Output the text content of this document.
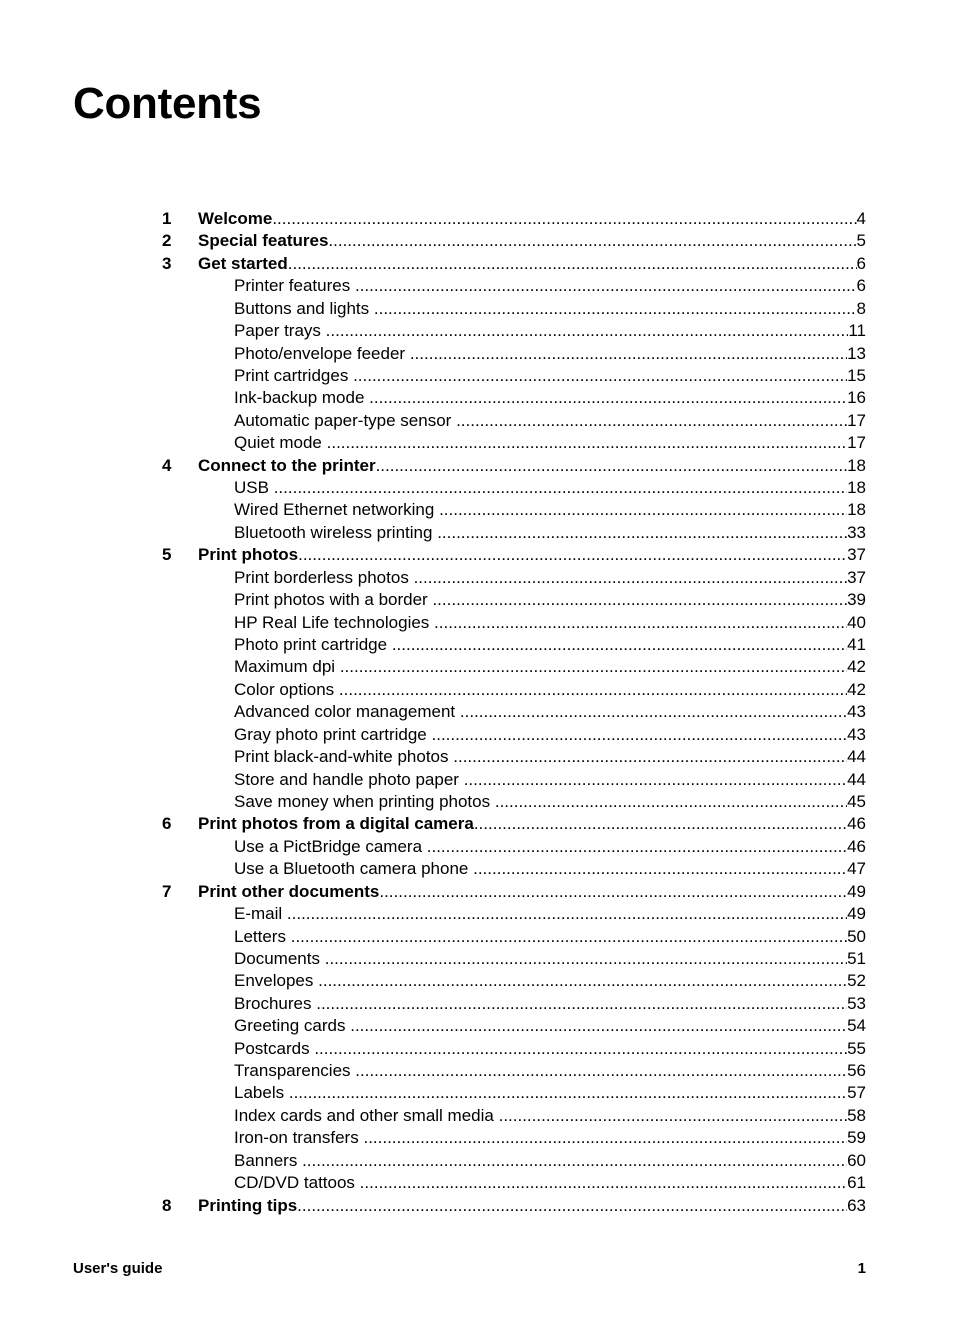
Contents
1	Welcome .....	4
2	Special features .....	5
3	Get started .....	6
Printer features .....	6
Buttons and lights .....	8
Paper trays .....	11
Photo/envelope feeder .....	13
Print cartridges .....	15
Ink-backup mode .....	16
Automatic paper-type sensor .....	17
Quiet mode .....	17
4	Connect to the printer .....	18
USB .....	18
Wired Ethernet networking .....	18
Bluetooth wireless printing .....	33
5	Print photos .....	37
Print borderless photos .....	37
Print photos with a border .....	39
HP Real Life technologies .....	40
Photo print cartridge .....	41
Maximum dpi .....	42
Color options .....	42
Advanced color management .....	43
Gray photo print cartridge .....	43
Print black-and-white photos .....	44
Store and handle photo paper .....	44
Save money when printing photos .....	45
6	Print photos from a digital camera .....	46
Use a PictBridge camera .....	46
Use a Bluetooth camera phone .....	47
7	Print other documents .....	49
E-mail .....	49
Letters .....	50
Documents .....	51
Envelopes .....	52
Brochures .....	53
Greeting cards .....	54
Postcards .....	55
Transparencies .....	56
Labels .....	57
Index cards and other small media .....	58
Iron-on transfers .....	59
Banners .....	60
CD/DVD tattoos .....	61
8	Printing tips .....	63
User's guide	1
